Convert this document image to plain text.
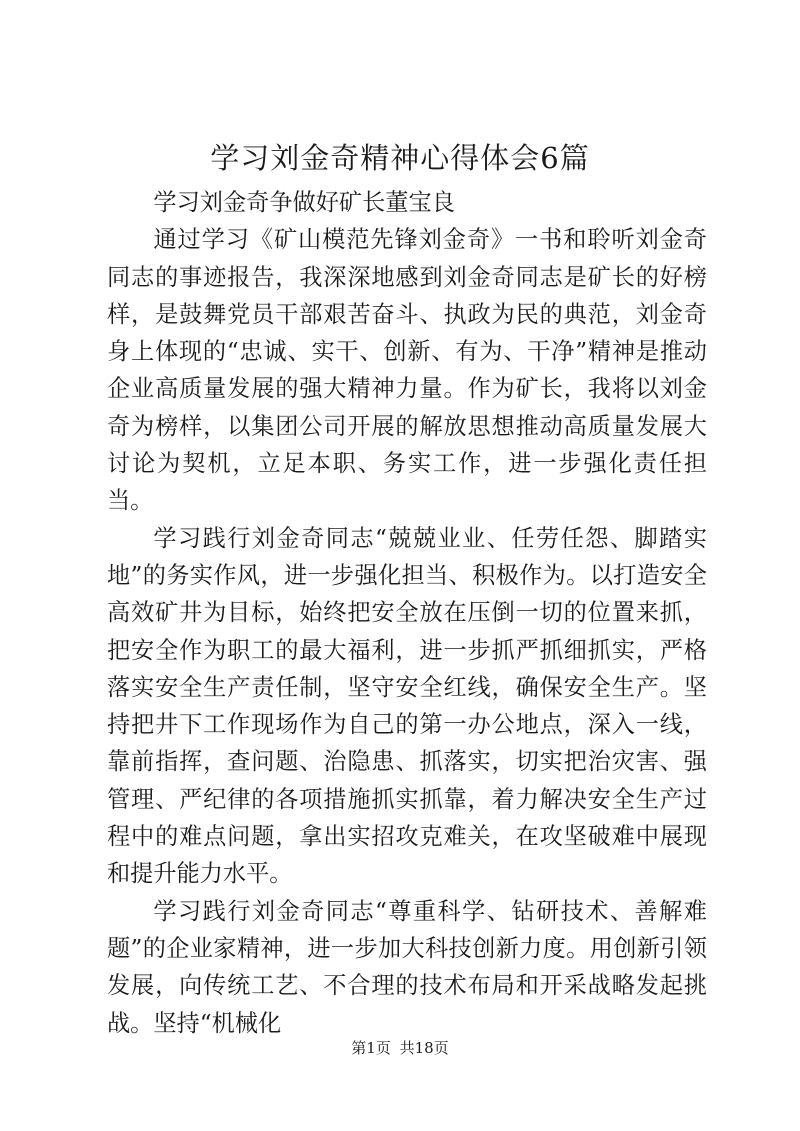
学习刘金奇精神心得体会6篇

学习刘金奇争做好矿长董宝良

通过学习《矿山模范先锋刘金奇》一书和聆听刘金奇同志的事迹报告，我深深地感到刘金奇同志是矿长的好榜样，是鼓舞党员干部艰苦奋斗、执政为民的典范，刘金奇身上体现的“忠诚、实干、创新、有为、干净”精神是推动企业高质量发展的强大精神力量。作为矿长，我将以刘金奇为榜样，以集团公司开展的解放思想推动高质量发展大讨论为契机，立足本职、务实工作，进一步强化责任担当。

学习践行刘金奇同志“兢兢业业、任劳任怨、脚踏实地”的务实作风，进一步强化担当、积极作为。以打造安全高效矿井为目标，始终把安全放在压倒一切的位置来抓，把安全作为职工的最大福利，进一步抓严抓细抓实，严格落实安全生产责任制，坚守安全红线，确保安全生产。坚持把井下工作现场作为自己的第一办公地点，深入一线，靠前指挥，查问题、治隐患、抓落实，切实把治灾害、强管理、严纪律的各项措施抓实抓靠，着力解决安全生产过程中的难点问题，拿出实招攻克难关，在攻坚破难中展现和提升能力水平。

学习践行刘金奇同志“尊重科学、钻研技术、善解难题”的企业家精神，进一步加大科技创新力度。用创新引领发展，向传统工艺、不合理的技术布局和开采战略发起挑战。坚持“机械化

第1页 共18页
